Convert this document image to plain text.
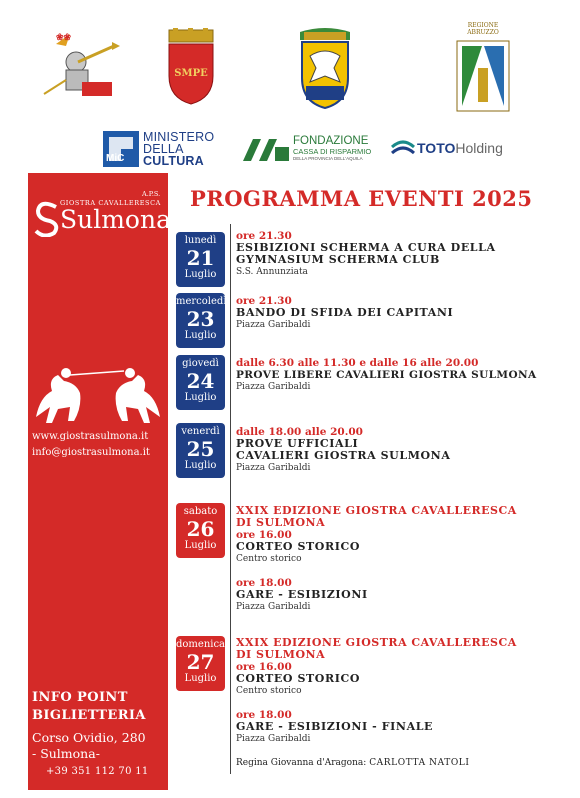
❀❀
SMPE
REGIONE ABRUZZO
MiC
MINISTERO
DELLA
CULTURA
FONDAZIONE
CASSA DI RISPARMIO
DELLA PROVINCIA DELL'AQUILA
TOTOHolding
A.P.S.
GIOSTRA CAVALLERESCA
Sulmona
www.giostrasulmona.it
info@giostrasulmona.it
INFO POINT
BIGLIETTERIA
Corso Ovidio, 280
- Sulmona-
+39 351 112 70 11
PROGRAMMA EVENTI 2025
lunedì
21
Luglio
ore 21.30
ESIBIZIONI SCHERMA A CURA DELLA
GYMNASIUM SCHERMA CLUB
S.S. Annunziata
mercoledì
23
Luglio
ore 21.30
BANDO DI SFIDA DEI CAPITANI
Piazza Garibaldi
giovedì
24
Luglio
dalle 6.30 alle 11.30 e dalle 16 alle 20.00
PROVE LIBERE CAVALIERI GIOSTRA SULMONA
Piazza Garibaldi
venerdì
25
Luglio
dalle 18.00 alle 20.00
PROVE UFFICIALI
CAVALIERI GIOSTRA SULMONA
Piazza Garibaldi
sabato
26
Luglio
XXIX EDIZIONE GIOSTRA CAVALLERESCA
DI SULMONA
ore 16.00
CORTEO STORICO
Centro storico
ore 18.00
GARE - ESIBIZIONI
Piazza Garibaldi
domenica
27
Luglio
XXIX EDIZIONE GIOSTRA CAVALLERESCA
DI SULMONA
ore 16.00
CORTEO STORICO
Centro storico
ore 18.00
GARE - ESIBIZIONI - FINALE
Piazza Garibaldi
Regina Giovanna d'Aragona: CARLOTTA NATOLI
